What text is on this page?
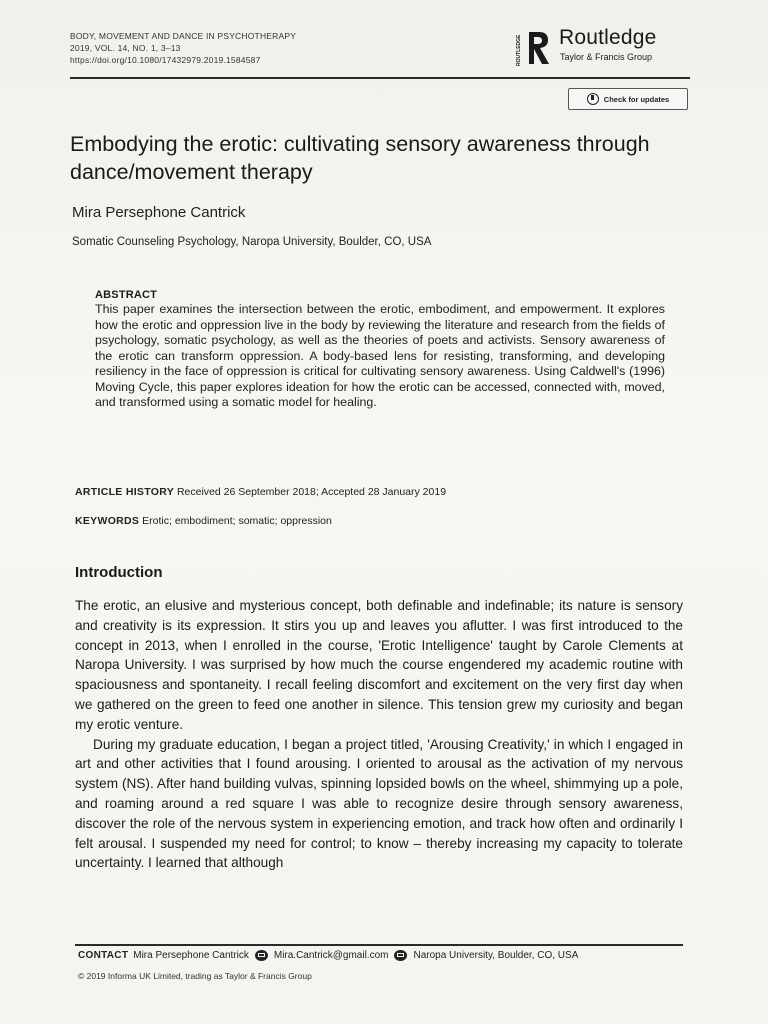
BODY, MOVEMENT AND DANCE IN PSYCHOTHERAPY
2019, VOL. 14, NO. 1, 3–13
https://doi.org/10.1080/17432979.2019.1584587	ROUTLEDGE Routledge
Taylor & Francis Group
Check for updates
Embodying the erotic: cultivating sensory awareness through dance/movement therapy
Mira Persephone Cantrick
Somatic Counseling Psychology, Naropa University, Boulder, CO, USA
ABSTRACT
This paper examines the intersection between the erotic, embodiment, and empowerment. It explores how the erotic and oppression live in the body by reviewing the literature and research from the fields of psychology, somatic psychology, as well as the theories of poets and activists. Sensory awareness of the erotic can transform oppression. A body-based lens for resisting, transforming, and developing resiliency in the face of oppression is critical for cultivating sensory awareness. Using Caldwell's (1996) Moving Cycle, this paper explores ideation for how the erotic can be accessed, connected with, moved, and transformed using a somatic model for healing.
ARTICLE HISTORY Received 26 September 2018; Accepted 28 January 2019
KEYWORDS Erotic; embodiment; somatic; oppression
Introduction

The erotic, an elusive and mysterious concept, both definable and indefinable; its nature is sensory and creativity is its expression. It stirs you up and leaves you aflutter. I was first introduced to the concept in 2013, when I enrolled in the course, 'Erotic Intelligence' taught by Carole Clements at Naropa University. I was surprised by how much the course engendered my academic routine with spaciousness and spontaneity. I recall feeling discomfort and excitement on the very first day when we gathered on the green to feed one another in silence. This tension grew my curiosity and began my erotic venture.

During my graduate education, I began a project titled, 'Arousing Creativity,' in which I engaged in art and other activities that I found arousing. I oriented to arousal as the activation of my nervous system (NS). After hand building vulvas, spinning lopsided bowls on the wheel, shimmying up a pole, and roaming around a red square I was able to recognize desire through sensory awareness, discover the role of the nervous system in experiencing emotion, and track how often and ordinarily I felt arousal. I suspended my need for control; to know – thereby increasing my capacity to tolerate uncertainty. I learned that although

CONTACT Mira Persephone Cantrick	Mira.Cantrick@gmail.com	Naropa University, Boulder, CO, USA
© 2019 Informa UK Limited, trading as Taylor & Francis Group
